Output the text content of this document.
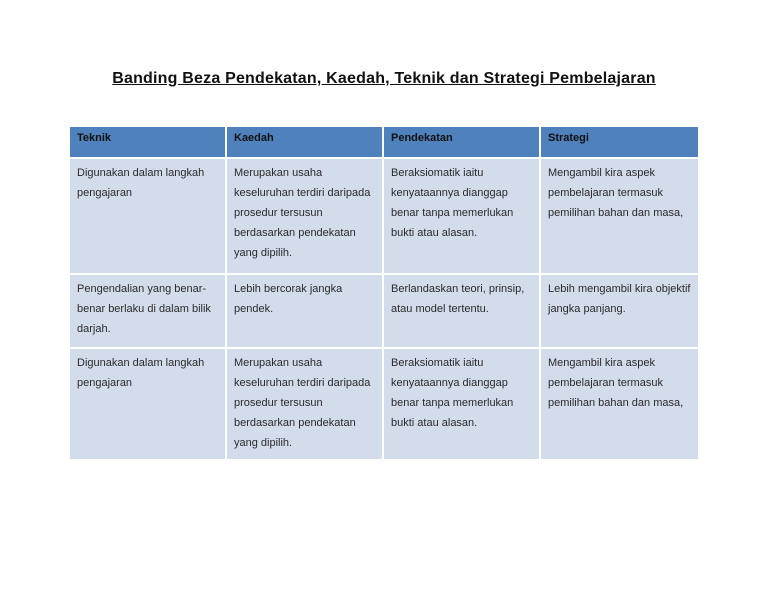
Banding Beza Pendekatan, Kaedah, Teknik dan Strategi Pembelajaran
Teknik	Kaedah	Pendekatan	Strategi
Digunakan dalam langkah pengajaran	Merupakan usaha keseluruhan terdiri daripada prosedur tersusun berdasarkan pendekatan yang dipilih.	Beraksiomatik iaitu kenyataannya dianggap benar tanpa memerlukan bukti atau alasan.	Mengambil kira aspek pembelajaran termasuk pemilihan bahan dan masa,
Pengendalian yang benar-benar berlaku di dalam bilik darjah.	Lebih bercorak jangka pendek.	Berlandaskan teori, prinsip, atau model tertentu.	Lebih mengambil kira objektif jangka panjang.
Digunakan dalam langkah pengajaran	Merupakan usaha keseluruhan terdiri daripada prosedur tersusun berdasarkan pendekatan yang dipilih.	Beraksiomatik iaitu kenyataannya dianggap benar tanpa memerlukan bukti atau alasan.	Mengambil kira aspek pembelajaran termasuk pemilihan bahan dan masa,
